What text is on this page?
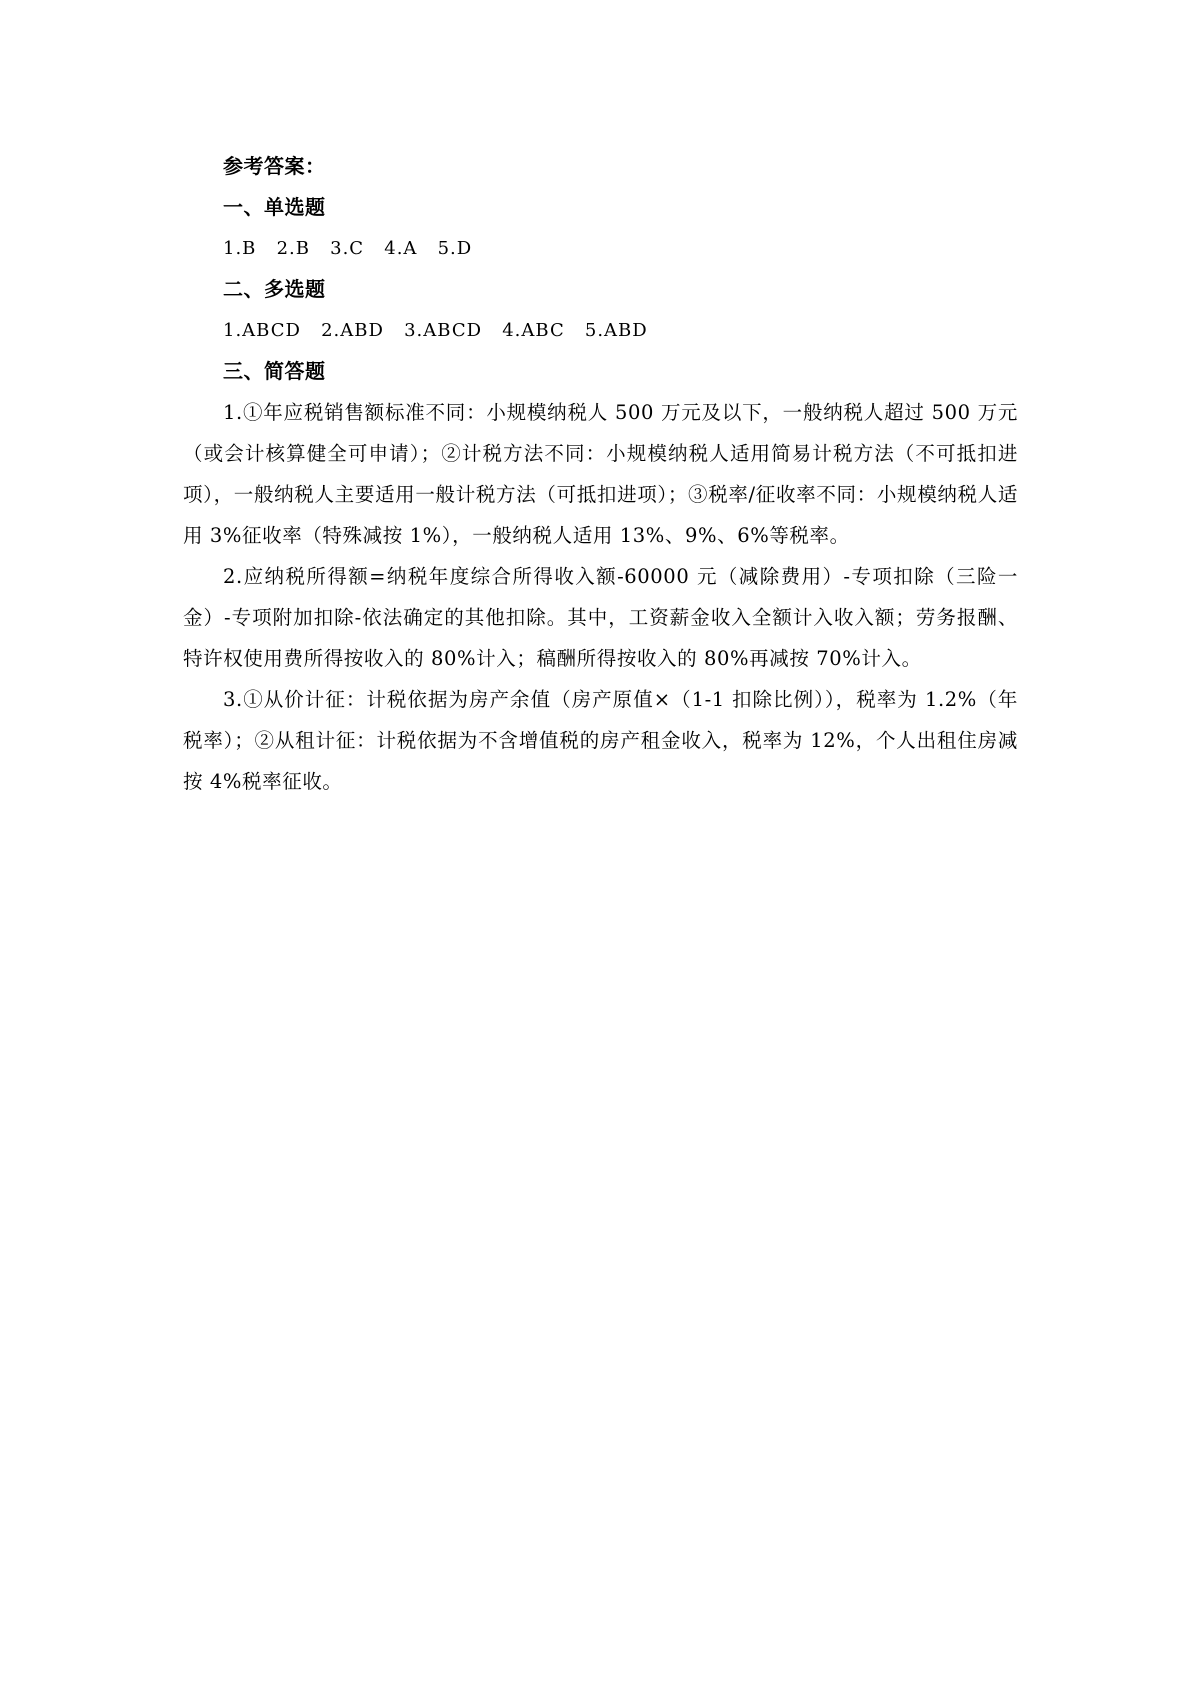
参考答案：

一、单选题

1.B   2.B   3.C   4.A   5.D

二、多选题

1.ABCD   2.ABD   3.ABCD   4.ABC   5.ABD

三、简答题

1.①年应税销售额标准不同：小规模纳税人 500 万元及以下，一般纳税人超过 500 万元（或会计核算健全可申请）；②计税方法不同：小规模纳税人适用简易计税方法（不可抵扣进项），一般纳税人主要适用一般计税方法（可抵扣进项）；③税率/征收率不同：小规模纳税人适用 3%征收率（特殊减按 1%），一般纳税人适用 13%、9%、6%等税率。

2.应纳税所得额=纳税年度综合所得收入额-60000 元（减除费用）-专项扣除（三险一金）-专项附加扣除-依法确定的其他扣除。其中，工资薪金收入全额计入收入额；劳务报酬、特许权使用费所得按收入的 80%计入；稿酬所得按收入的 80%再减按 70%计入。

3.①从价计征：计税依据为房产余值（房产原值×（1-1 扣除比例）），税率为 1.2%（年税率）；②从租计征：计税依据为不含增值税的房产租金收入，税率为 12%，个人出租住房减按 4%税率征收。
